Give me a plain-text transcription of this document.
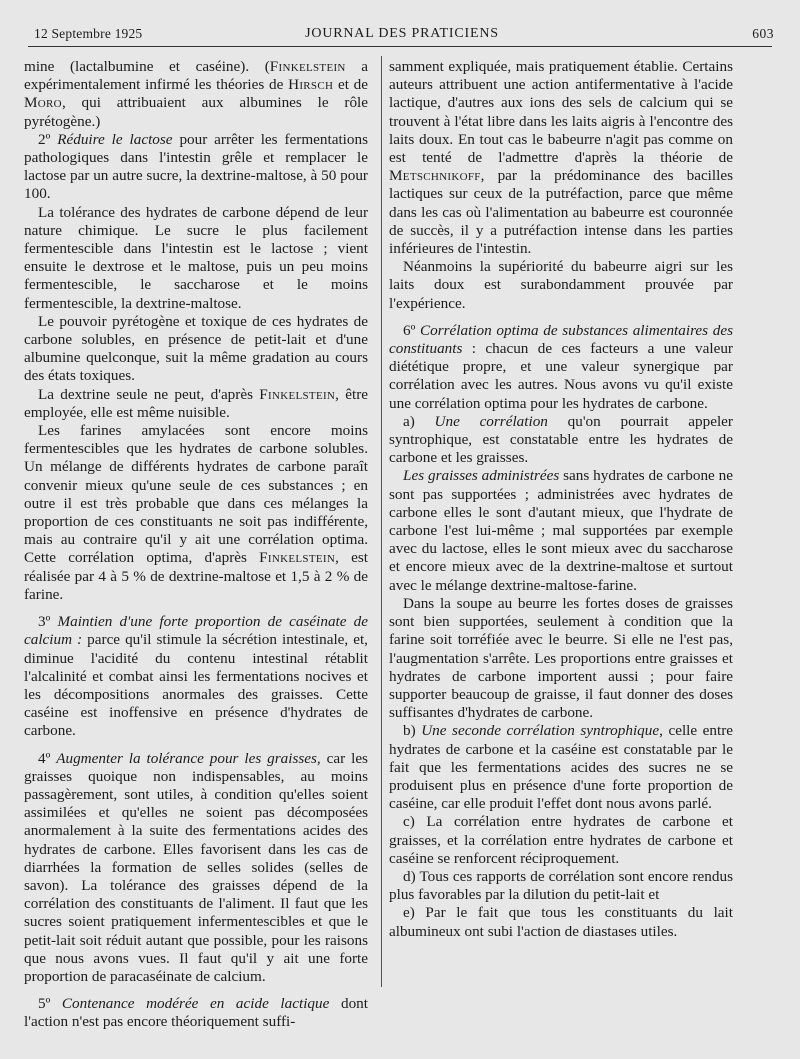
12 Septembre 1925	JOURNAL DES PRATICIENS	603

mine (lactalbumine et caséine). (Finkelstein a expérimentalement infirmé les théories de Hirsch et de Moro, qui attribuaient aux albumines le rôle pyrétogène.)

2º Réduire le lactose pour arrêter les fermentations pathologiques dans l'intestin grêle et remplacer le lactose par un autre sucre, la dextrine-maltose, à 50 pour 100.

La tolérance des hydrates de carbone dépend de leur nature chimique. Le sucre le plus facilement fermentescible dans l'intestin est le lactose ; vient ensuite le dextrose et le maltose, puis un peu moins fermentescible, le saccharose et le moins fermentescible, la dextrine-maltose.

Le pouvoir pyrétogène et toxique de ces hydrates de carbone solubles, en présence de petit-lait et d'une albumine quelconque, suit la même gradation au cours des états toxiques.

La dextrine seule ne peut, d'après Finkelstein, être employée, elle est même nuisible.

Les farines amylacées sont encore moins fermentescibles que les hydrates de carbone solubles. Un mélange de différents hydrates de carbone paraît convenir mieux qu'une seule de ces substances ; en outre il est très probable que dans ces mélanges la proportion de ces constituants ne soit pas indifférente, mais au contraire qu'il y ait une corrélation optima. Cette corrélation optima, d'après Finkelstein, est réalisée par 4 à 5 % de dextrine-maltose et 1,5 à 2 % de farine.

3º Maintien d'une forte proportion de caséinate de calcium : parce qu'il stimule la sécrétion intestinale, et, diminue l'acidité du contenu intestinal rétablit l'alcalinité et combat ainsi les fermentations nocives et les décompositions anormales des graisses. Cette caséine est inoffensive en présence d'hydrates de carbone.

4º Augmenter la tolérance pour les graisses, car les graisses quoique non indispensables, au moins passagèrement, sont utiles, à condition qu'elles soient assimilées et qu'elles ne soient pas décomposées anormalement à la suite des fermentations acides des hydrates de carbone. Elles favorisent dans les cas de diarrhées la formation de selles solides (selles de savon). La tolérance des graisses dépend de la corrélation des constituants de l'aliment. Il faut que les sucres soient pratiquement infermentescibles et que le petit-lait soit réduit autant que possible, pour les raisons que nous avons vues. Il faut qu'il y ait une forte proportion de paracaséinate de calcium.

5º Contenance modérée en acide lactique dont l'action n'est pas encore théoriquement suffi-

samment expliquée, mais pratiquement établie. Certains auteurs attribuent une action antifermentative à l'acide lactique, d'autres aux ions des sels de calcium qui se trouvent à l'état libre dans les laits aigris à l'encontre des laits doux. En tout cas le babeurre n'agit pas comme on est tenté de l'admettre d'après la théorie de Metschnikoff, par la prédominance des bacilles lactiques sur ceux de la putréfaction, parce que même dans les cas où l'alimentation au babeurre est couronnée de succès, il y a putréfaction intense dans les parties inférieures de l'intestin.

Néanmoins la supériorité du babeurre aigri sur les laits doux est surabondamment prouvée par l'expérience.

6º Corrélation optima de substances alimentaires des constituants : chacun de ces facteurs a une valeur diététique propre, et une valeur synergique par corrélation avec les autres. Nous avons vu qu'il existe une corrélation optima pour les hydrates de carbone.

a) Une corrélation qu'on pourrait appeler syntrophique, est constatable entre les hydrates de carbone et les graisses.

Les graisses administrées sans hydrates de carbone ne sont pas supportées ; administrées avec hydrates de carbone elles le sont d'autant mieux, que l'hydrate de carbone l'est lui-même ; mal supportées par exemple avec du lactose, elles le sont mieux avec du saccharose et encore mieux avec de la dextrine-maltose et surtout avec le mélange dextrine-maltose-farine.

Dans la soupe au beurre les fortes doses de graisses sont bien supportées, seulement à condition que la farine soit torréfiée avec le beurre. Si elle ne l'est pas, l'augmentation s'arrête. Les proportions entre graisses et hydrates de carbone importent aussi ; pour faire supporter beaucoup de graisse, il faut donner des doses suffisantes d'hydrates de carbone.

b) Une seconde corrélation syntrophique, celle entre hydrates de carbone et la caséine est constatable par le fait que les fermentations acides des sucres ne se produisent plus en présence d'une forte proportion de caséine, car elle produit l'effet dont nous avons parlé.

c) La corrélation entre hydrates de carbone et graisses, et la corrélation entre hydrates de carbone et caséine se renforcent réciproquement.

d) Tous ces rapports de corrélation sont encore rendus plus favorables par la dilution du petit-lait et

e) Par le fait que tous les constituants du lait albumineux ont subi l'action de diastases utiles.
